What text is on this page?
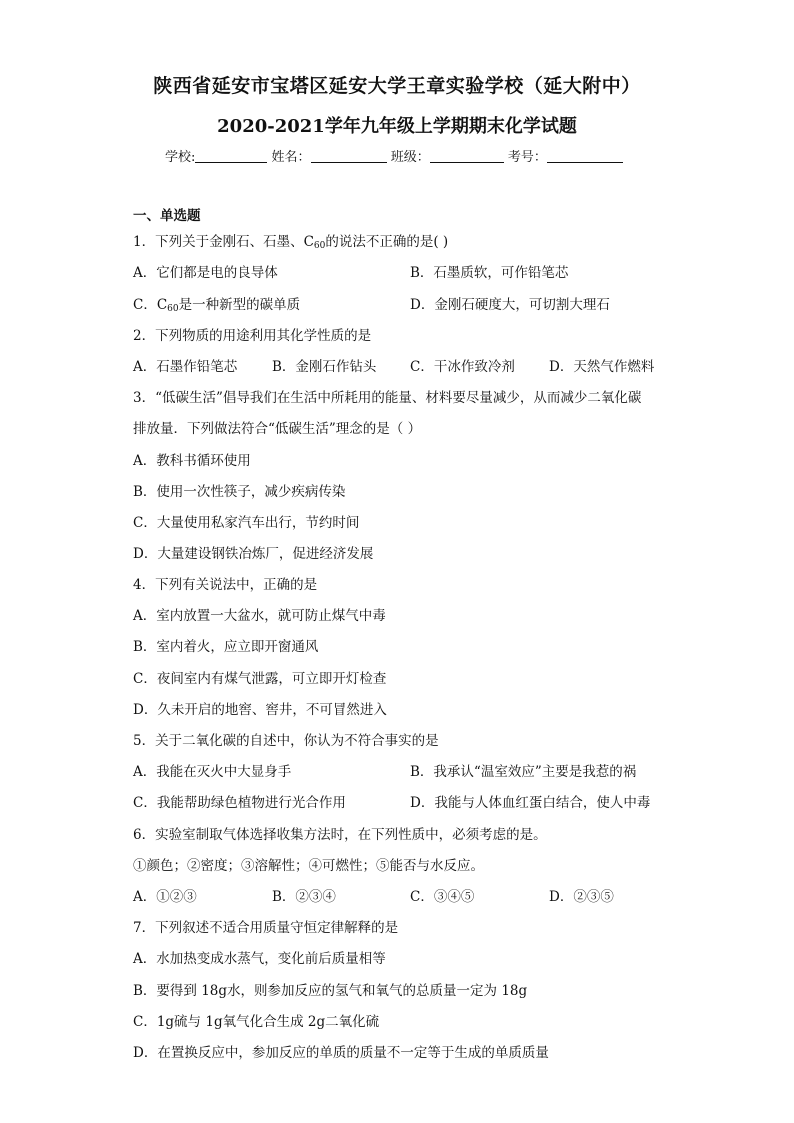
陕西省延安市宝塔区延安大学王章实验学校（延大附中）
2020-2021学年九年级上学期期末化学试题
学校:	姓名：	班级：	考号：
一、单选题
1．下列关于金刚石、石墨、$C_{60}$的说法不正确的是( )
A．它们都是电的良导体	B．石墨质软，可作铅笔芯
C．$C_{60}$是一种新型的碳单质	D．金刚石硬度大，可切割大理石
2．下列物质的用途利用其化学性质的是
A．石墨作铅笔芯	B．金刚石作钻头 C．干冰作致冷剂	D．天然气作燃料
3．“低碳生活”倡导我们在生活中所耗用的能量、材料要尽量减少，从而减少二氧化碳
排放量．下列做法符合“低碳生活”理念的是（ ）
A．教科书循环使用
B．使用一次性筷子，减少疾病传染
C．大量使用私家汽车出行，节约时间
D．大量建设钢铁冶炼厂，促进经济发展
4．下列有关说法中，正确的是
A．室内放置一大盆水，就可防止煤气中毒
B．室内着火，应立即开窗通风
C．夜间室内有煤气泄露，可立即开灯检查
D．久未开启的地窖、窖井，不可冒然进入
5．关于二氧化碳的自述中，你认为不符合事实的是
A．我能在灭火中大显身手	B．我承认“温室效应”主要是我惹的祸
C．我能帮助绿色植物进行光合作用	D．我能与人体血红蛋白结合，使人中毒
6．实验室制取气体选择收集方法时，在下列性质中，必须考虑的是。
①颜色；②密度；③溶解性；④可燃性；⑤能否与水反应。
A．①②③	B．②③④	C．③④⑤	D．②③⑤
7．下列叙述不适合用质量守恒定律解释的是
A．水加热变成水蒸气，变化前后质量相等
B．要得到 18g水，则参加反应的氢气和氧气的总质量一定为 18g
C．1g硫与 1g氧气化合生成 2g二氧化硫
D．在置换反应中，参加反应的单质的质量不一定等于生成的单质质量
